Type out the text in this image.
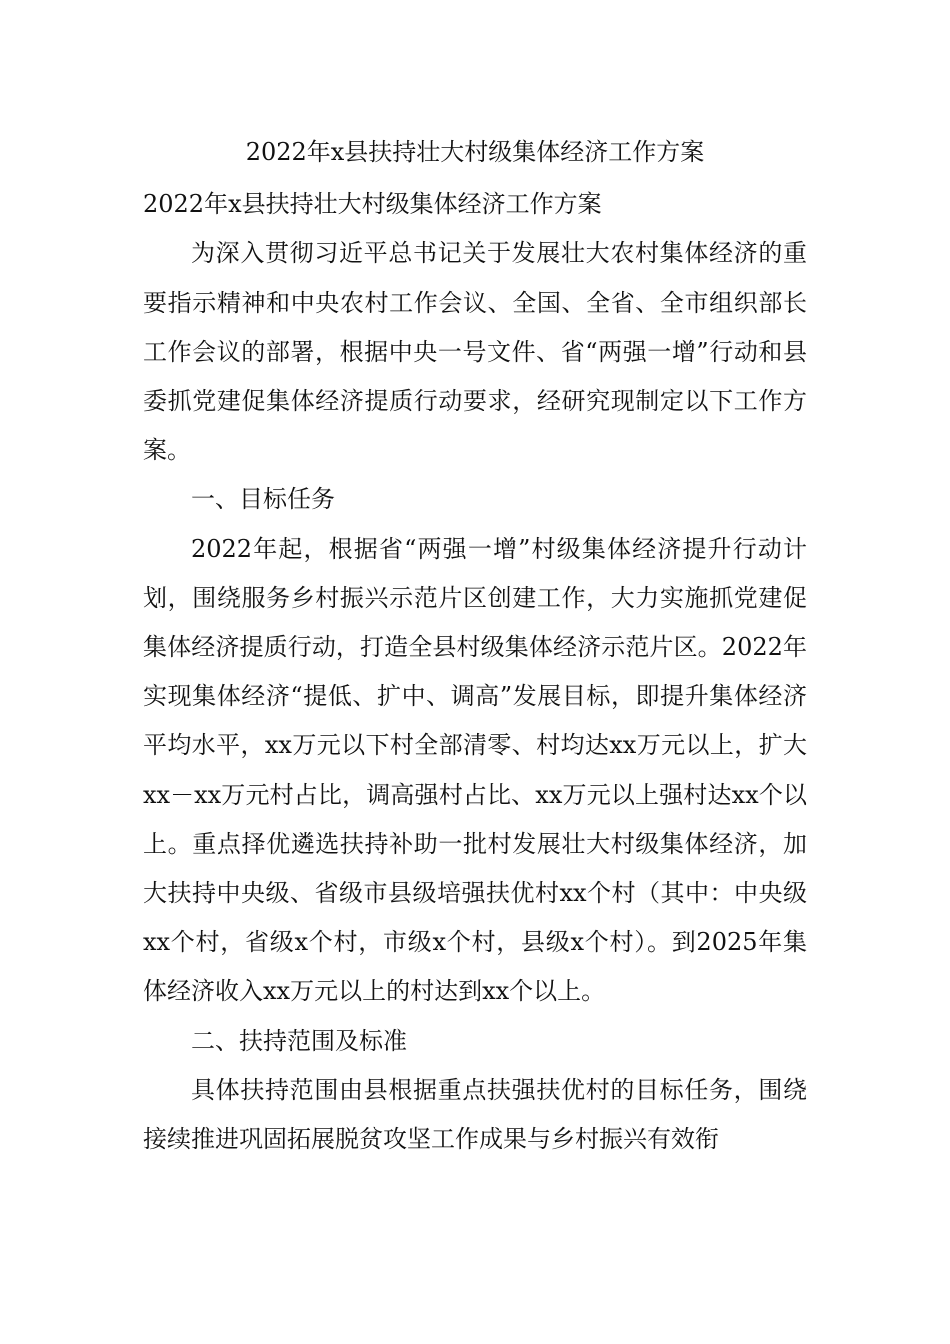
2022年x县扶持壮大村级集体经济工作方案

2022年x县扶持壮大村级集体经济工作方案

为深入贯彻习近平总书记关于发展壮大农村集体经济的重要指示精神和中央农村工作会议、全国、全省、全市组织部长工作会议的部署，根据中央一号文件、省“两强一增”行动和县委抓党建促集体经济提质行动要求，经研究现制定以下工作方案。

一、目标任务

2022年起，根据省“两强一增”村级集体经济提升行动计划，围绕服务乡村振兴示范片区创建工作，大力实施抓党建促集体经济提质行动，打造全县村级集体经济示范片区。2022年实现集体经济“提低、扩中、调高”发展目标，即提升集体经济平均水平，xx万元以下村全部清零、村均达xx万元以上，扩大xx－xx万元村占比，调高强村占比、xx万元以上强村达xx个以上。重点择优遴选扶持补助一批村发展壮大村级集体经济，加大扶持中央级、省级市县级培强扶优村xx个村（其中：中央级xx个村，省级x个村，市级x个村，县级x个村）。到2025年集体经济收入xx万元以上的村达到xx个以上。

二、扶持范围及标准

具体扶持范围由县根据重点扶强扶优村的目标任务，围绕接续推进巩固拓展脱贫攻坚工作成果与乡村振兴有效衔
